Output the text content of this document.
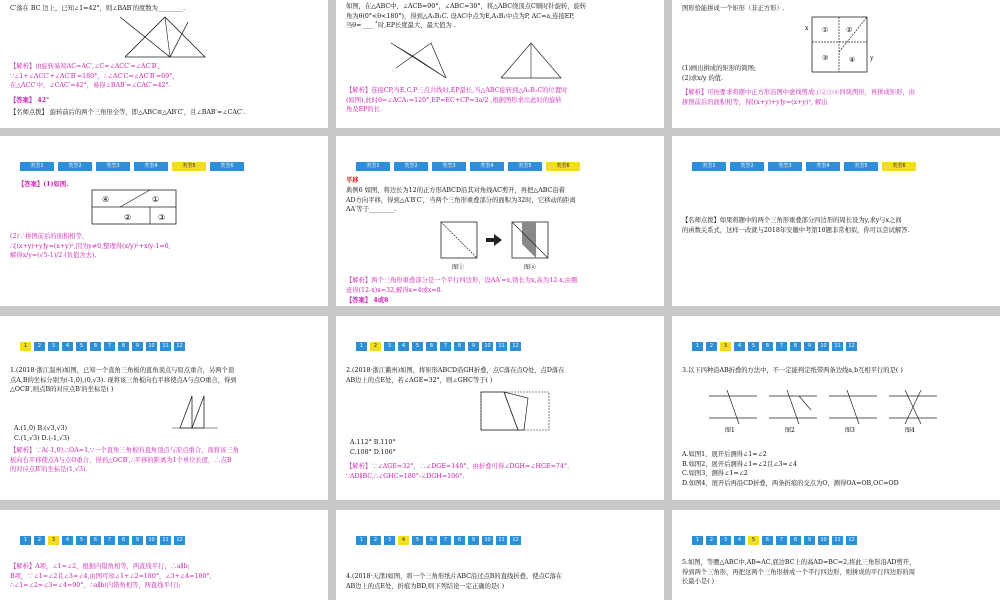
C′落在 BC 边上，已知∠1=42°，则∠BAB′的度数为________.
【解析】由旋转易知AC=AC′,∠C=∠ACC′=∠AC′B′,
∵∠1+∠ACC′+∠AC′B′=180°，∴∠AC′C=∠AC′B′=69°，
在△ACC′中，∠CAC′=42°，易得∠BAB′=∠CAC′=42°.
【答案】 42°
【名师点拨】 旋转前后的两个三角形全等，即△ABC≌△AB′C′，且∠BAB′=∠CAC′.
如图，在△ABC中，∠ACB=90°，∠ABC=30°，将△ABC绕顶点C顺时针旋转，旋转
角为θ(0°<θ<180°)，得到△A₁B₁C. 设AC中点为E,A₁B₁中点为P, AC=a,连接EP,
当θ= ___ ˚时,EP长度最大，最大值为 .
【解析】连接CP,当E,C,P三点共线时,EP最长,当△ABC旋转到△A₁B₁C的位置时
(如图),此时θ=∠ACA₁=120°,EP=EC+CP=3a/2 ,根据图形求出此时的旋转
角及EP的长.
图形恰能拼成一个矩形（非正方形）.
x
y
①	②
③	④
(1)画出拼成的矩形的简图;
(2)求x/y 的值.
【解析】可按要求将题中正方形沿图中虚线剪成①②③④四块图形，再拼成矩形，由
拼图前后的面积相等，得[(x+y)+y]y=(x+y)², 解出
类型1	类型2	类型3	类型4	类型5	类型6
【答案】(1)如图.
④	①
②	③
(2)∵拼图前后的面积相等，
∴[(x+y)+y]y=(x+y)²,因为y≠0,整理得(x/y)²+x/y-1=0,
解得x/y=(√5-1)/2 (负值舍去).
类型1	类型2	类型3	类型4	类型5	类型6
平移
典例6 如图，将边长为12的正方形ABCD沿其对角线AC剪开，再把△ABC沿着
AD方向平移，得到△A′B′C′，当两个三角形重叠部分的面积为32时，它移动的距离
AA′等于________.
图①	图②
【解析】两个三角形重叠部分是一个平行四边形，设AA′=x,则长为x,高为12-x,由题
意得(12-x)x=32,解得x=4或x=8.
【答案】 4或8
类型1	类型2	类型3	类型4	类型5	类型6
【名师点拨】如果将题中的两个三角形重叠部分四边形的周长设为y,求y与x之间
的函数关系式，这样一改就与2018年安徽中考第10题非常相似，你可以尝试解答.
1	2	3	4	5	6	7	8	9	10	11	12
1.(2018·浙江温州)如图，已知一个直角三角板的直角顶点与原点重合，另两个顶
点A,B的坐标分别为(-1,0),(0,√3). 现将该三角板向右平移使点A与点O重合，得到
△OCB′,则点B的对应点B′的坐标是( )
A.(1,0) B.(√3,√3)
C.(1,√3) D.(-1,√3)
【解析】∵A(-1,0),∴OA=1,∵一个直角三角板的直角顶点与原点重合，现将该三角
板向右平移使点A与点O重合，得到△OCB′,∴平移的距离为1个单位长度，∴点B
的对应点B′的坐标是(1,√3).
1	2	3	4	5	6	7	8	9	10	11	12
2.(2018·浙江衢州)如图，将矩形ABCD沿GH折叠，点C落在点Q处，点D落在
AB边上的点E处，若∠AGE=32°，则∠GHC等于( )
A.112° B.110°
C.108° D.106°
【解析】∵∠AGE=32°，∴∠DGE=148°，由折叠可得∠DGH=∠HGE=74°.
∵AD∥BC,∴∠GHC=180°-∠DGH=106°.
1	2	3	4	5	6	7	8	9	10	11	12
3.以下四种沿AB折叠的方法中，不一定能判定纸带两条边线a,b互相平行的是( )
图1	图2	图3	图4
A.如图1，展开后测得∠1=∠2
B.如图2，展开后测得∠1=∠2且∠3=∠4
C.如图3，测得∠1=∠2
D.如图4，展开后再沿CD折叠，两条折痕的交点为O，测得OA=OB,OC=OD
1	2	3	4	5	6	7	8	9	10	11	12
【解析】A项，∠1=∠2，根据内错角相等，两直线平行，∴a∥b;
B项，∵∠1=∠2且∠3=∠4,由图可知∠1+∠2=180°，∠3+∠4=180°,
∴∠1=∠2=∠3=∠4=90°，∴a∥b(内错角相等，两直线平行);
1	2	3	4	5	6	7	8	9	10	11	12
4.(2018·天津)如图，将一个三角形纸片ABC沿过点B的直线折叠，使点C落在
AB边上的点E处，折痕为BD,则下列结论一定正确的是( )
1	2	3	4	5	6	7	8	9	10	11	12
5.如图，等腰△ABC中,AB=AC,底边BC上的高AD=BC=2,将此三角形沿AD剪开，
得到两个三角形，再把这两个三角形拼成一个平行四边形，则拼成的平行四边形的周
长最小是( )
